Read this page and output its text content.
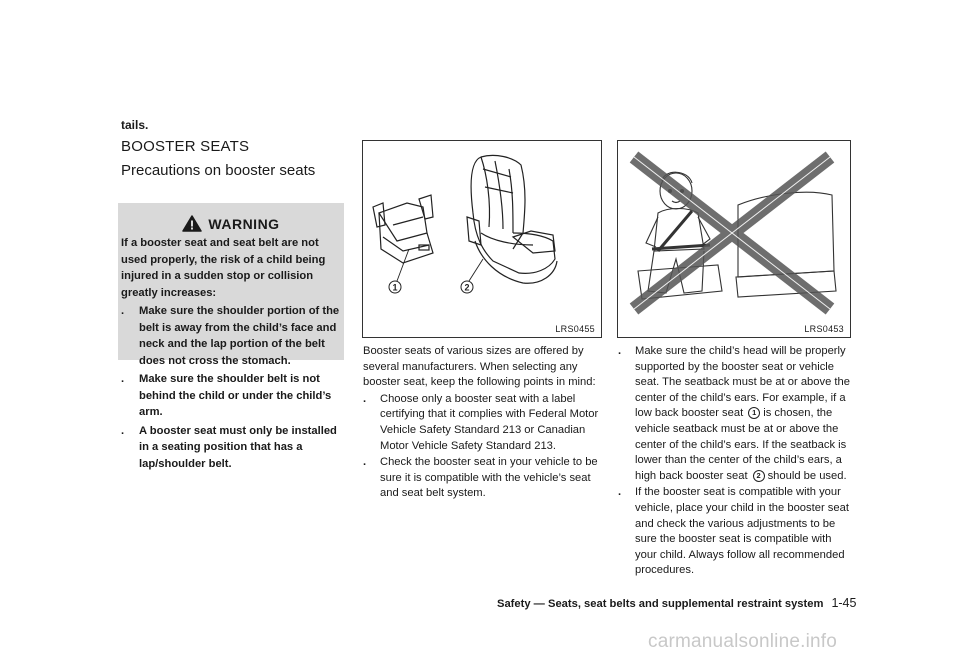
tails.
BOOSTER SEATS
Precautions on booster seats
WARNING

If a booster seat and seat belt are not used properly, the risk of a child being injured in a sudden stop or collision greatly increases:

. Make sure the shoulder portion of the belt is away from the child’s face and neck and the lap portion of the belt does not cross the stomach.
. Make sure the shoulder belt is not behind the child or under the child’s arm.
. A booster seat must only be installed in a seating position that has a lap/shoulder belt.
1	2
LRS0455	LRS0453

Booster seats of various sizes are offered by several manufacturers. When selecting any booster seat, keep the following points in mind:

. Choose only a booster seat with a label certifying that it complies with Federal Motor Vehicle Safety Standard 213 or Canadian Motor Vehicle Safety Standard 213.
. Check the booster seat in your vehicle to be sure it is compatible with the vehicle’s seat and seat belt system.
. Make sure the child’s head will be properly supported by the booster seat or vehicle seat. The seatback must be at or above the center of the child’s ears. For example, if a low back booster seat 1 is chosen, the vehicle seatback must be at or above the center of the child’s ears. If the seatback is lower than the center of the child’s ears, a high back booster seat 2 should be used.
. If the booster seat is compatible with your vehicle, place your child in the booster seat and check the various adjustments to be sure the booster seat is compatible with your child. Always follow all recommended procedures.
Safety — Seats, seat belts and supplemental restraint system 1-45
carmanualsonline.info
